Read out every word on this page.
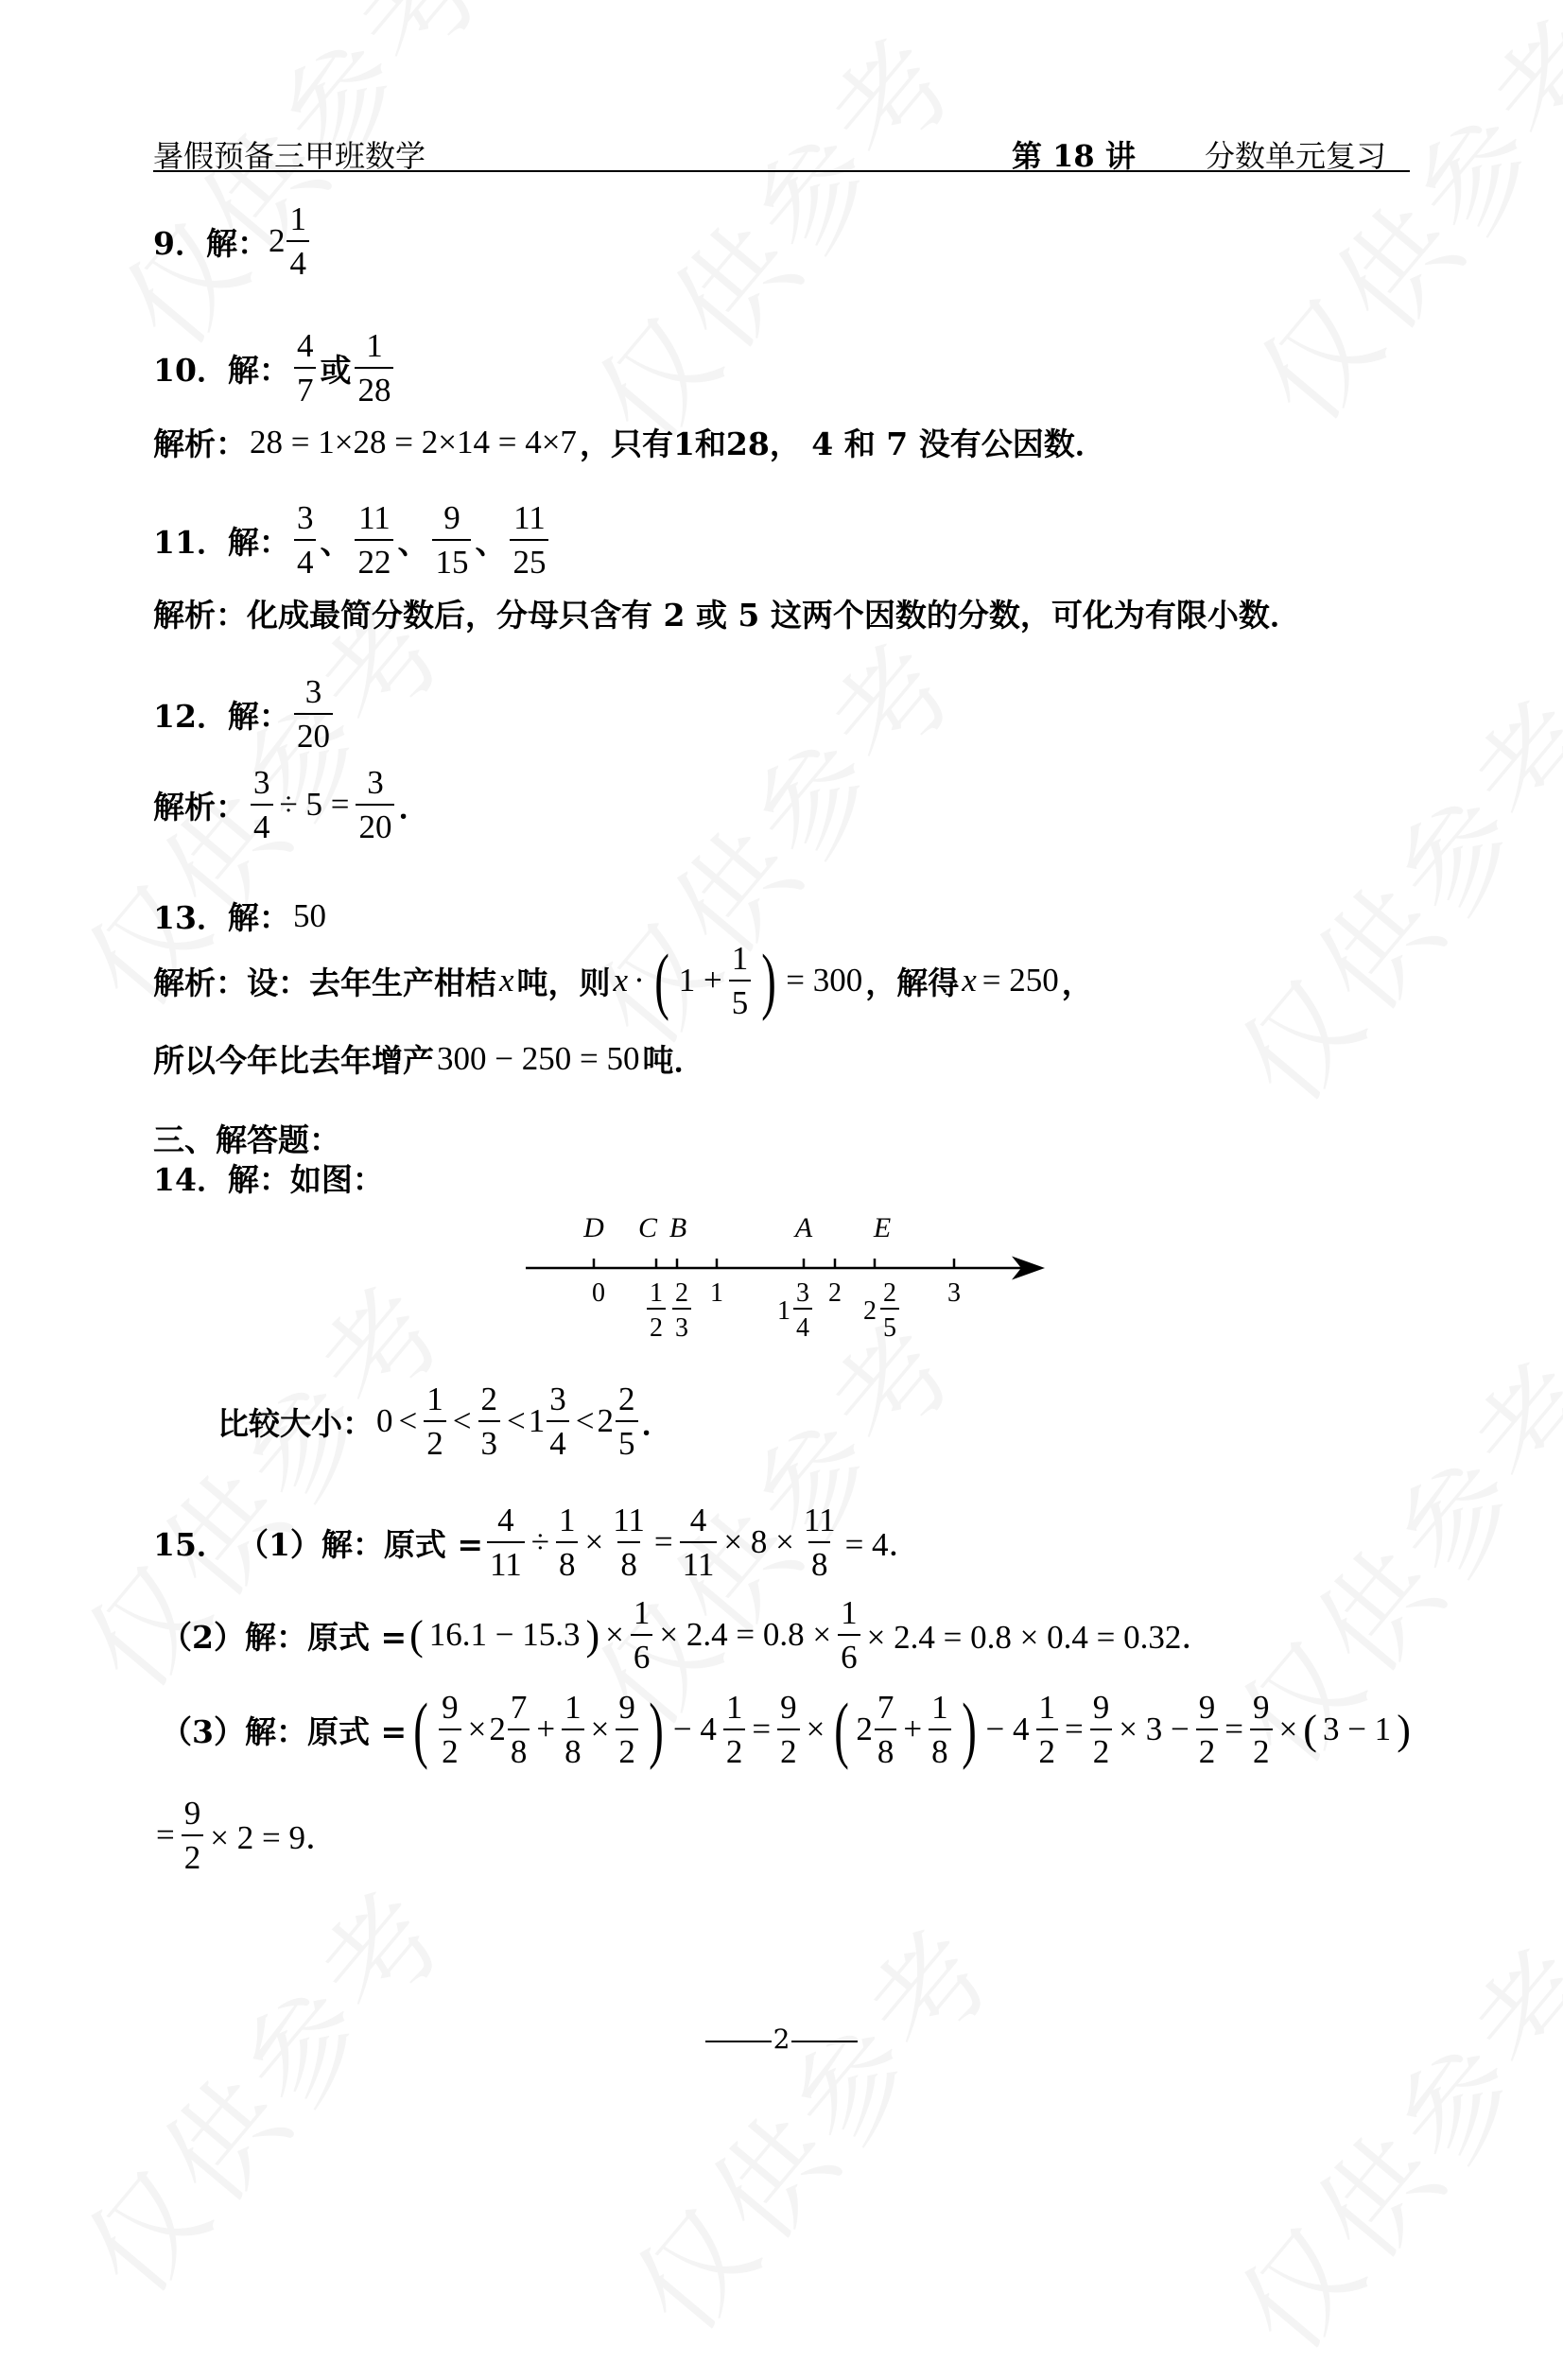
暑假预备三甲班数学	第 18 讲 分数单元复习
9．解： $2 \frac{1}{4}$
10．解： $\frac{4}{7}$ 或 $\frac{1}{28}$
解析： 28 = 1×28 = 2×14 = 4×7 ，只有1和28， 4 和 7 没有公因数．
11．解： $\frac{3}{4}$ 、 $\frac{11}{22}$ 、 $\frac{9}{15}$ 、 $\frac{11}{25}$
解析：化成最简分数后，分母只含有 2 或 5 这两个因数的分数，可化为有限小数．
12．解： $\frac{3}{20}$
解析： $\frac{3}{4} \div 5 = \frac{3}{20}$ ．
13．解： 50
解析：设：去年生产柑桔 x 吨，则 x · ( $1 + \frac{1}{5}$ ) = 300 ，解得 x = 250 ，
所以今年比去年增产 300 − 250 = 50 吨．
三、解答题：
14．解：如图：
D C B	A E
0	1	2	3
1
2
2
3
1
3
4
2
2
5
比较大小： $0 < \frac{1}{2} < \frac{2}{3} < 1 \frac{3}{4} < 2 \frac{2}{5}$ ．
15． （1）解：原式 = $\frac{4}{11} \div \frac{1}{8} \times \frac{11}{8} = \frac{4}{11} \times 8 \times \frac{11}{8} = 4$．
（2）解：原式 = ( 16.1 − 15.3 ) × $\frac{1}{6} \times 2.4 = 0.8 \times \frac{1}{6} \times 2.4 = 0.8 \times 0.4 = 0.32$．
（3）解：原式 = ( $\frac{9}{2} \times 2 \frac{7}{8} + \frac{1}{8} \times \frac{9}{2}$ ) − $4 \frac{1}{2} = \frac{9}{2}$ × ( $2 \frac{7}{8} + \frac{1}{8}$ ) − $4 \frac{1}{2} = \frac{9}{2} \times 3 - \frac{9}{2} = \frac{9}{2}$ × ( 3 − 1 )
= $\frac{9}{2} \times 2 = 9$．
2
